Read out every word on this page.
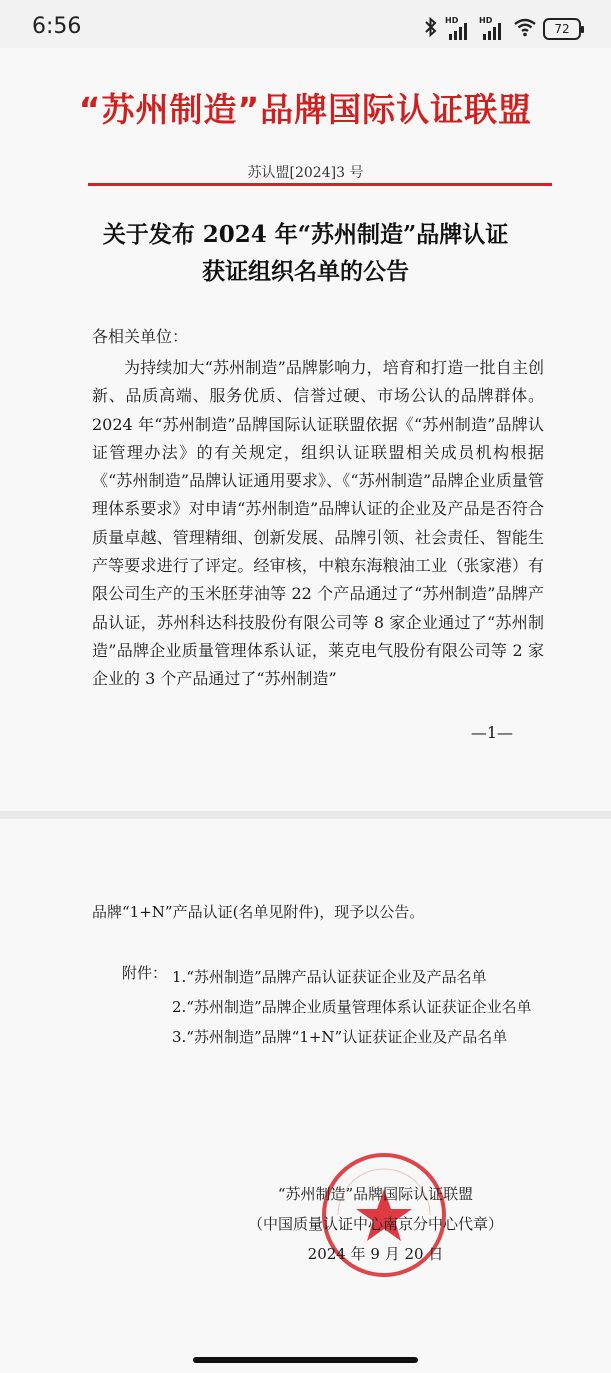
6:56	HD	HD
72
“苏州制造”品牌国际认证联盟
苏认盟[2024]3 号
关于发布 2024 年“苏州制造”品牌认证
获证组织名单的公告
各相关单位：
为持续加大“苏州制造”品牌影响力，培育和打造一批自主创新、品质高端、服务优质、信誉过硬、市场公认的品牌群体。2024 年“苏州制造”品牌国际认证联盟依据《“苏州制造”品牌认证管理办法》的有关规定，组织认证联盟相关成员机构根据《“苏州制造”品牌认证通用要求》、《“苏州制造”品牌企业质量管理体系要求》对申请“苏州制造”品牌认证的企业及产品是否符合质量卓越、管理精细、创新发展、品牌引领、社会责任、智能生产等要求进行了评定。经审核，中粮东海粮油工业（张家港）有限公司生产的玉米胚芽油等 22 个产品通过了“苏州制造”品牌产品认证，苏州科达科技股份有限公司等 8 家企业通过了“苏州制造”品牌企业质量管理体系认证，莱克电气股份有限公司等 2 家企业的 3 个产品通过了“苏州制造”
—1—
品牌“1+N”产品认证(名单见附件)，现予以公告。
附件： 1.“苏州制造”品牌产品认证获证企业及产品名单
2.“苏州制造”品牌企业质量管理体系认证获证企业名单
3.“苏州制造”品牌“1+N”认证获证企业及产品名单
“苏州制造”品牌国际认证联盟
（中国质量认证中心南京分中心代章）
2024 年 9 月 20 日
